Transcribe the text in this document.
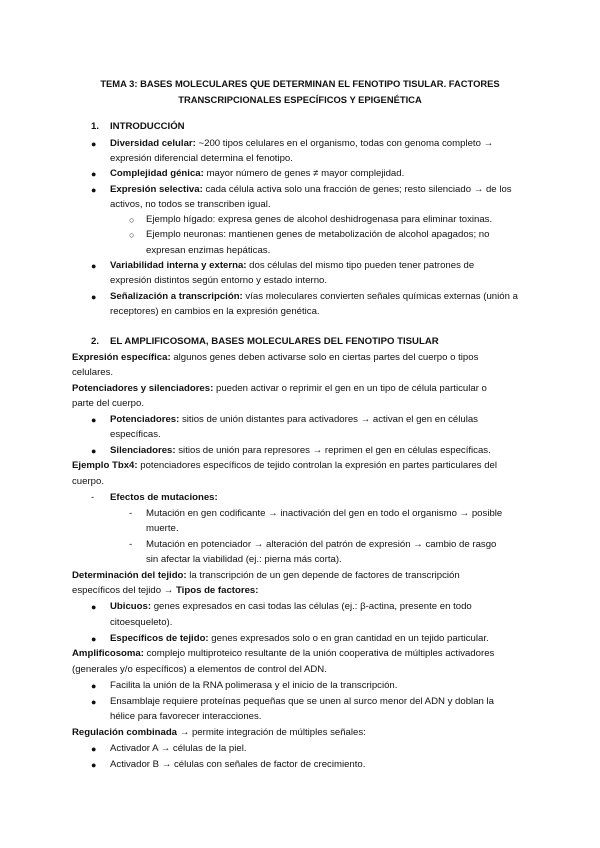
TEMA 3: BASES MOLECULARES QUE DETERMINAN EL FENOTIPO TISULAR. FACTORES
TRANSCRIPCIONALES ESPECÍFICOS Y EPIGENÉTICA
1. INTRODUCCIÓN
● Diversidad celular: ~200 tipos celulares en el organismo, todas con genoma completo →
expresión diferencial determina el fenotipo.
● Complejidad génica: mayor número de genes ≠ mayor complejidad.
● Expresión selectiva: cada célula activa solo una fracción de genes; resto silenciado → de los
activos, no todos se transcriben igual.
○ Ejemplo hígado: expresa genes de alcohol deshidrogenasa para eliminar toxinas.
○ Ejemplo neuronas: mantienen genes de metabolización de alcohol apagados; no
expresan enzimas hepáticas.
● Variabilidad interna y externa: dos células del mismo tipo pueden tener patrones de
expresión distintos según entorno y estado interno.
● Señalización a transcripción: vías moleculares convierten señales químicas externas (unión a
receptores) en cambios en la expresión genética.
2. EL AMPLIFICOSOMA, BASES MOLECULARES DEL FENOTIPO TISULAR
Expresión específica: algunos genes deben activarse solo en ciertas partes del cuerpo o tipos
celulares.
Potenciadores y silenciadores: pueden activar o reprimir el gen en un tipo de célula particular o
parte del cuerpo.
● Potenciadores: sitios de unión distantes para activadores → activan el gen en células
específicas.
● Silenciadores: sitios de unión para represores → reprimen el gen en células específicas.
Ejemplo Tbx4: potenciadores específicos de tejido controlan la expresión en partes particulares del
cuerpo.
- Efectos de mutaciones:
- Mutación en gen codificante → inactivación del gen en todo el organismo → posible
muerte.
- Mutación en potenciador → alteración del patrón de expresión → cambio de rasgo
sin afectar la viabilidad (ej.: pierna más corta).
Determinación del tejido: la transcripción de un gen depende de factores de transcripción
específicos del tejido → Tipos de factores:
● Ubicuos: genes expresados en casi todas las células (ej.: β-actina, presente en todo
citoesqueleto).
● Específicos de tejido: genes expresados solo o en gran cantidad en un tejido particular.
Amplificosoma: complejo multiproteico resultante de la unión cooperativa de múltiples activadores
(generales y/o específicos) a elementos de control del ADN.
● Facilita la unión de la RNA polimerasa y el inicio de la transcripción.
● Ensamblaje requiere proteínas pequeñas que se unen al surco menor del ADN y doblan la
hélice para favorecer interacciones.
Regulación combinada → permite integración de múltiples señales:
● Activador A → células de la piel.
● Activador B → células con señales de factor de crecimiento.
